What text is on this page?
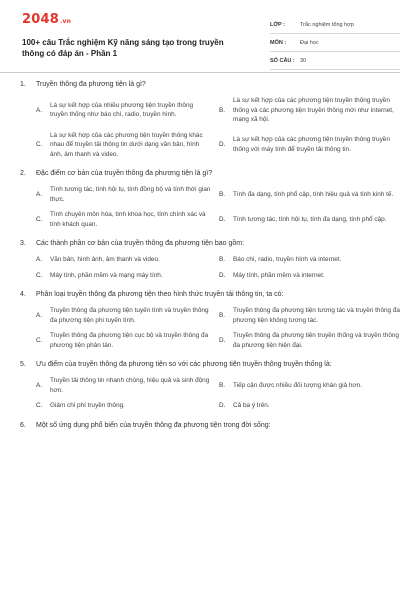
2048.vn
100+ câu Trắc nghiệm Kỹ năng sáng tạo trong truyền thông có đáp án - Phần 1
LỚP :	Trắc nghiệm tổng hợp
MÔN :	Đại học
SỐ CÂU : 30
1.	Truyền thông đa phương tiện là gì?
A.
Là sự kết hợp của nhiều phương tiện truyền thông truyền thống như báo chí, radio, truyền hình.
B.
Là sự kết hợp của các phương tiện truyền thông truyền thống và các phương tiện truyền thông mới như internet, mạng xã hội.
C.
Là sự kết hợp của các phương tiện truyền thông khác nhau để truyền tải thông tin dưới dạng văn bản, hình ảnh, âm thanh và video.
D.
Là sự kết hợp của các phương tiện truyền thông truyền thống với máy tính để truyền tải thông tin.
2.	Đặc điểm cơ bản của truyền thông đa phương tiện là gì?
A.
Tính tương tác, tính hội tụ, tính đồng bộ và tính thời gian thực.
B.	Tính đa dạng, tính phổ cập, tính hiệu quả và tính kinh tế.
C.
Tính chuyên môn hóa, tính khoa học, tính chính xác và tính khách quan.
D.	Tính tương tác, tính hội tụ, tính đa dạng, tính phổ cập.
3.	Các thành phần cơ bản của truyền thông đa phương tiện bao gồm:
A.	Văn bản, hình ảnh, âm thanh và video.	B.	Báo chí, radio, truyền hình và internet.
C.	Máy tính, phần mềm và mạng máy tính.	D.	Máy tính, phần mềm và internet.
4.	Phân loại truyền thông đa phương tiện theo hình thức truyền tải thông tin, ta có:
A.
Truyền thông đa phương tiện tuyến tính và truyền thông đa phương tiện phi tuyến tính.
B.
Truyền thông đa phương tiện tương tác và truyền thông đa phương tiện không tương tác.
C.
Truyền thông đa phương tiện cục bộ và truyền thông đa phương tiện phân tán.
D.
Truyền thông đa phương tiện truyền thống và truyền thông đa phương tiện hiện đại.
5.	Ưu điểm của truyền thông đa phương tiện so với các phương tiện truyền thông truyền thống là:
A.
Truyền tải thông tin nhanh chóng, hiệu quả và sinh động hơn.
B.	Tiếp cận được nhiều đối tượng khán giả hơn.
C.	Giảm chi phí truyền thông.	D.	Cả ba ý trên.
6.	Một số ứng dụng phổ biến của truyền thông đa phương tiện trong đời sống:
